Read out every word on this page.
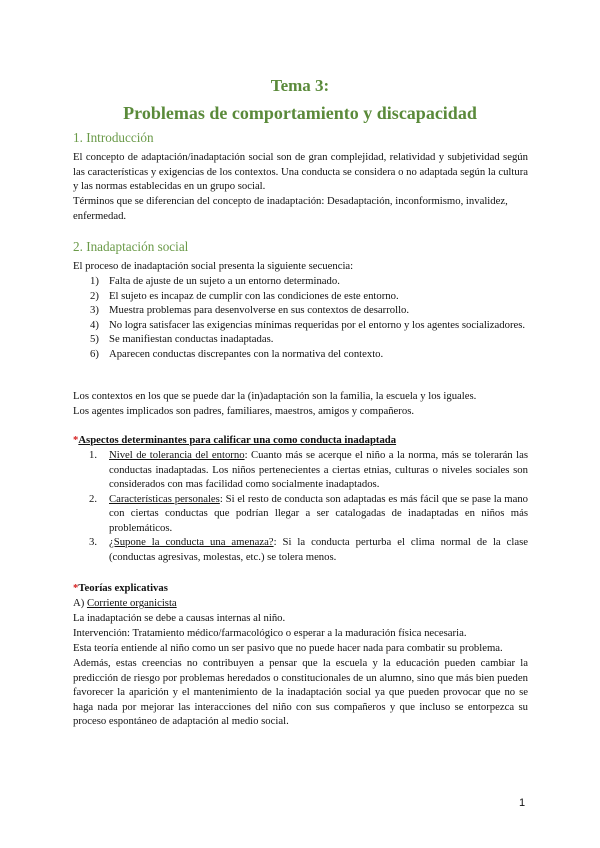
Tema 3:
Problemas de comportamiento y discapacidad
1. Introducción

El concepto de adaptación/inadaptación social son de gran complejidad, relatividad y subjetividad según las características y exigencias de los contextos. Una conducta se considera o no adaptada según la cultura y las normas establecidas en un grupo social.

Términos que se diferencian del concepto de inadaptación: Desadaptación, inconformismo, invalidez, enfermedad.

2. Inadaptación social

El proceso de inadaptación social presenta la siguiente secuencia:

1) Falta de ajuste de un sujeto a un entorno determinado.
2) El sujeto es incapaz de cumplir con las condiciones de este entorno.
3) Muestra problemas para desenvolverse en sus contextos de desarrollo.
4) No logra satisfacer las exigencias mínimas requeridas por el entorno y los agentes socializadores.
5) Se manifiestan conductas inadaptadas.
6) Aparecen conductas discrepantes con la normativa del contexto.

Los contextos en los que se puede dar la (in)adaptación son la familia, la escuela y los iguales.

Los agentes implicados son padres, familiares, maestros, amigos y compañeros.

*Aspectos determinantes para calificar una como conducta inadaptada

1. Nivel de tolerancia del entorno: Cuanto más se acerque el niño a la norma, más se tolerarán las conductas inadaptadas. Los niños pertenecientes a ciertas etnias, culturas o niveles sociales son considerados con mas facilidad como socialmente inadaptados.
2. Características personales: Si el resto de conducta son adaptadas es más fácil que se pase la mano con ciertas conductas que podrían llegar a ser catalogadas de inadaptadas en niños más problemáticos.
3. ¿Supone la conducta una amenaza?: Si la conducta perturba el clima normal de la clase (conductas agresivas, molestas, etc.) se tolera menos.

*Teorías explicativas

A) Corriente organicista

La inadaptación se debe a causas internas al niño.

Intervención: Tratamiento médico/farmacológico o esperar a la maduración física necesaria.

Esta teoría entiende al niño como un ser pasivo que no puede hacer nada para combatir su problema.

Además, estas creencias no contribuyen a pensar que la escuela y la educación pueden cambiar la predicción de riesgo por problemas heredados o constitucionales de un alumno, sino que más bien pueden favorecer la aparición y el mantenimiento de la inadaptación social ya que pueden provocar que no se haga nada por mejorar las interacciones del niño con sus compañeros y que incluso se entorpezca su proceso espontáneo de adaptación al medio social.

1
